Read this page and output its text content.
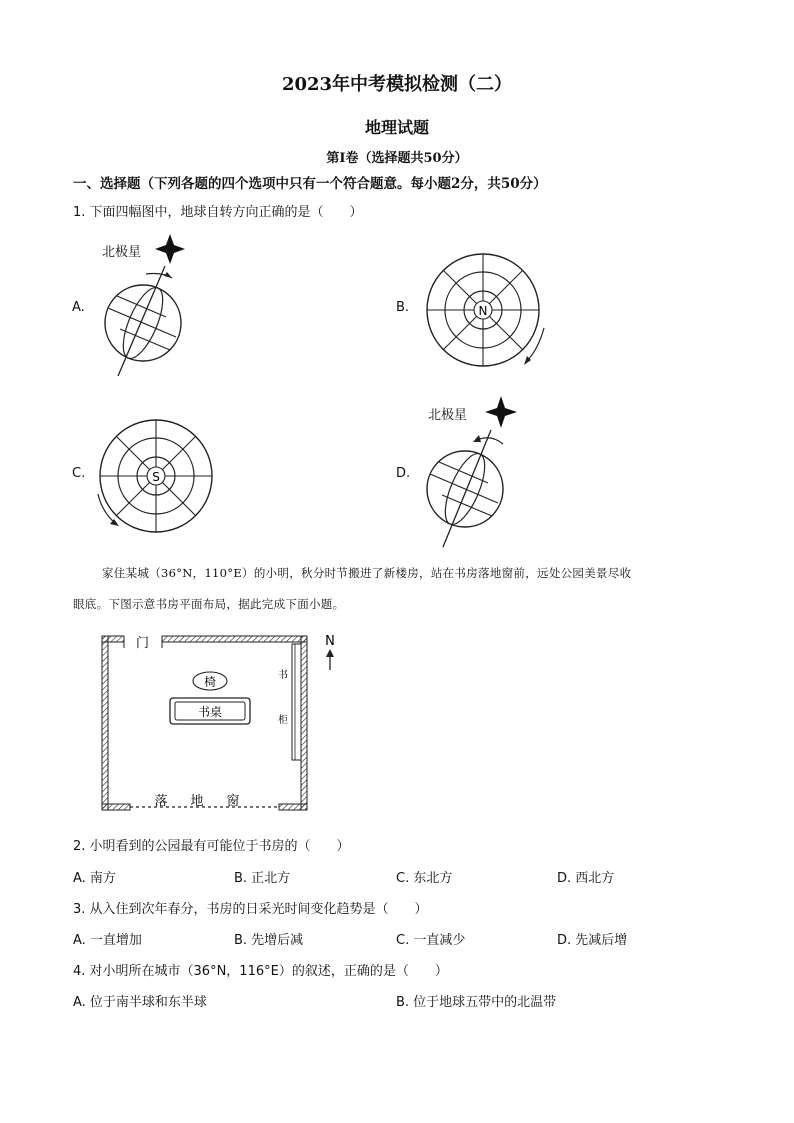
2023年中考模拟检测（二）
地理试题
第Ⅰ卷（选择题共50分）
一、选择题（下列各题的四个选项中只有一个符合题意。每小题2分，共50分）
1. 下面四幅图中，地球自转方向正确的是（　　）
A.
北极星
B.	N
C.	S	D.
北极星
家住某城（36°N，110°E）的小明，秋分时节搬进了新楼房，站在书房落地窗前，远处公园美景尽收
眼底。下图示意书房平面布局，据此完成下面小题。
门
书
柜
椅
书桌
落 地 窗
N
2. 小明看到的公园最有可能位于书房的（　　）
A. 南方	B. 正北方	C. 东北方	D. 西北方
3. 从入住到次年春分，书房的日采光时间变化趋势是（　　）
A. 一直增加	B. 先增后减	C. 一直减少	D. 先减后增
4. 对小明所在城市（36°N，116°E）的叙述，正确的是（　　）
A. 位于南半球和东半球	B. 位于地球五带中的北温带
